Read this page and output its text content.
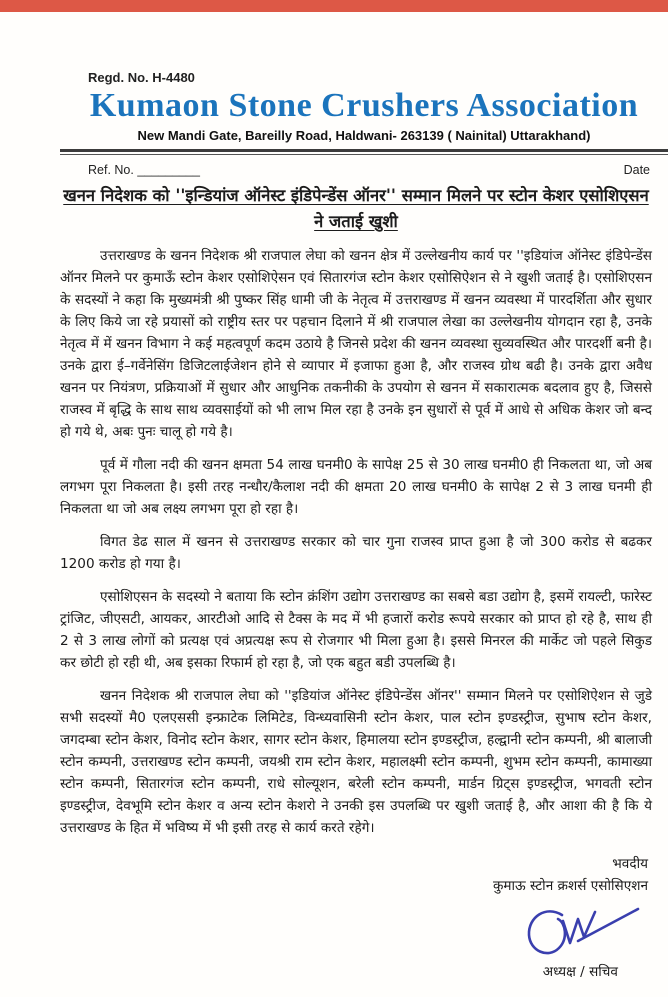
Regd. No. H-4480
Kumaon Stone Crushers Association
New Mandi Gate, Bareilly Road, Haldwani- 263139 ( Nainital) Uttarakhand)
Ref. No. _________	Date
खनन निदेशक को ''इन्डियांज ऑनेस्ट इंडिपेन्डेंस ऑनर'' सम्मान मिलने पर स्टोन केशर एसोशिएसन ने जताई खुशी

उत्तराखण्ड के खनन निदेशक श्री राजपाल लेघा को खनन क्षेत्र में उल्लेखनीय कार्य पर ''इडियांज ऑनेस्ट इंडिपेन्डेंस ऑनर मिलने पर कुमाऊँ स्टोन केशर एसोशिऐसन एवं सितारगंज स्टोन केशर एसोसिऐशन से ने खुशी जताई है। एसोशिएसन के सदस्यों ने कहा कि मुख्यमंत्री श्री पुष्कर सिंह धामी जी के नेतृत्व में उत्तराखण्ड में खनन व्यवस्था में पारदर्शिता और सुधार के लिए किये जा रहे प्रयासों को राष्ट्रीय स्तर पर पहचान दिलाने में श्री राजपाल लेखा का उल्लेखनीय योगदान रहा है, उनके नेतृत्व में में खनन विभाग ने कई महत्वपूर्ण कदम उठाये है जिनसे प्रदेश की खनन व्यवस्था सुव्यवस्थित और पारदर्शी बनी है। उनके द्वारा ई–गर्वेनेसिंग डिजिटलाईजेशन होने से व्यापार में इजाफा हुआ है, और राजस्व ग्रोथ बढी है। उनके द्वारा अवैध खनन पर नियंत्रण, प्रक्रियाओं में सुधार और आधुनिक तकनीकी के उपयोग से खनन में सकारात्मक बदलाव हुए है, जिससे राजस्व में बृद्धि के साथ साथ व्यवसाईयों को भी लाभ मिल रहा है उनके इन सुधारों से पूर्व में आधे से अधिक केशर जो बन्द हो गये थे, अबः पुनः चालू हो गये है।

पूर्व में गौला नदी की खनन क्षमता 54 लाख घनमी0 के सापेक्ष 25 से 30 लाख घनमी0 ही निकलता था, जो अब लगभग पूरा निकलता है। इसी तरह नन्धौर/कैलाश नदी की क्षमता 20 लाख घनमी0 के सापेक्ष 2 से 3 लाख घनमी ही निकलता था जो अब लक्ष्य लगभग पूरा हो रहा है।

विगत डेढ साल में खनन से उत्तराखण्ड सरकार को चार गुना राजस्व प्राप्त हुआ है जो 300 करोड से बढकर 1200 करोड हो गया है।

एसोशिएसन के सदस्यो ने बताया कि स्टोन क्रंशिंग उद्योग उत्तराखण्ड का सबसे बडा उद्योग है, इसमें रायल्टी, फारेस्ट ट्रांजिट, जीएसटी, आयकर, आरटीओ आदि से टैक्स के मद में भी हजारों करोड रूपये सरकार को प्राप्त हो रहे है, साथ ही 2 से 3 लाख लोगों को प्रत्यक्ष एवं अप्रत्यक्ष रूप से रोजगार भी मिला हुआ है। इससे मिनरल की मार्केट जो पहले सिकुड कर छोटी हो रही थी, अब इसका रिफार्म हो रहा है, जो एक बहुत बडी उपलब्धि है।

खनन निदेशक श्री राजपाल लेघा को ''इडियांज ऑनेस्ट इंडिपेन्डेंस ऑनर'' सम्मान मिलने पर एसोशिऐशन से जुडे सभी सदस्यों मै0 एलएससी इन्फ्राटेक लिमिटेड, विन्ध्यवासिनी स्टोन केशर, पाल स्टोन इण्डस्ट्रीज, सुभाष स्टोन केशर, जगदम्बा स्टोन केशर, विनोद स्टोन केशर, सागर स्टोन केशर, हिमालया स्टोन इण्डस्ट्रीज, हल्द्वानी स्टोन कम्पनी, श्री बालाजी स्टोन कम्पनी, उत्तराखण्ड स्टोन कम्पनी, जयश्री राम स्टोन केशर, महालक्ष्मी स्टोन कम्पनी, शुभम स्टोन कम्पनी, कामाख्या स्टोन कम्पनी, सितारगंज स्टोन कम्पनी, राधे सोल्यूशन, बरेली स्टोन कम्पनी, मार्डन ग्रिट्स इण्डस्ट्रीज, भगवती स्टोन इण्डस्ट्रीज, देवभूमि स्टोन केशर व अन्य स्टोन केशरो ने उनकी इस उपलब्धि पर खुशी जताई है, और आशा की है कि ये उत्तराखण्ड के हित में भविष्य में भी इसी तरह से कार्य करते रहेगे।

भवदीय
कुमाऊ स्टोन क्रशर्स एसोसिएशन
अध्यक्ष / सचिव
